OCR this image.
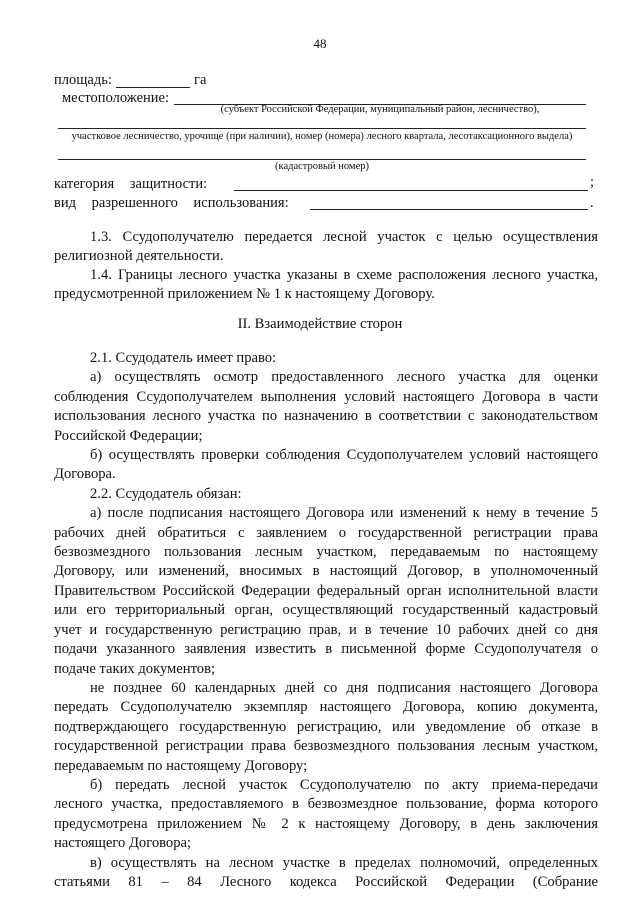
48
площадь:	га
местоположение:
(субъект Российской Федерации, муниципальный район, лесничество),
участковое лесничество, урочище (при наличии), номер (номера) лесного квартала, лесотаксационного выдела)
(кадастровый номер)
категория защитности:	;
вид разрешенного использования:	.
1.3. Ссудополучателю передается лесной участок с целью осуществления
религиозной деятельности.
1.4. Границы лесного участка указаны в схеме расположения лесного участка,
предусмотренной приложением № 1 к настоящему Договору.
II. Взаимодействие сторон
2.1. Ссудодатель имеет право:
а) осуществлять осмотр предоставленного лесного участка для оценки
соблюдения Ссудополучателем выполнения условий настоящего Договора в части
использования лесного участка по назначению в соответствии с законодательством
Российской Федерации;
б) осуществлять проверки соблюдения Ссудополучателем условий настоящего
Договора.
2.2. Ссудодатель обязан:
а) после подписания настоящего Договора или изменений к нему в течение 5
рабочих дней обратиться с заявлением о государственной регистрации права
безвозмездного пользования лесным участком, передаваемым по настоящему
Договору, или изменений, вносимых в настоящий Договор, в уполномоченный
Правительством Российской Федерации федеральный орган исполнительной власти
или его территориальный орган, осуществляющий государственный кадастровый
учет и государственную регистрацию прав, и в течение 10 рабочих дней со дня
подачи указанного заявления известить в письменной форме Ссудополучателя о
подаче таких документов;
не позднее 60 календарных дней со дня подписания настоящего Договора
передать Ссудополучателю экземпляр настоящего Договора, копию документа,
подтверждающего государственную регистрацию, или уведомление об отказе в
государственной регистрации права безвозмездного пользования лесным участком,
передаваемым по настоящему Договору;
б) передать лесной участок Ссудополучателю по акту приема-передачи
лесного участка, предоставляемого в безвозмездное пользование, форма которого
предусмотрена приложением № 2 к настоящему Договору, в день заключения
настоящего Договора;
в) осуществлять на лесном участке в пределах полномочий, определенных
статьями 81 – 84 Лесного кодекса Российской Федерации (Собрание
